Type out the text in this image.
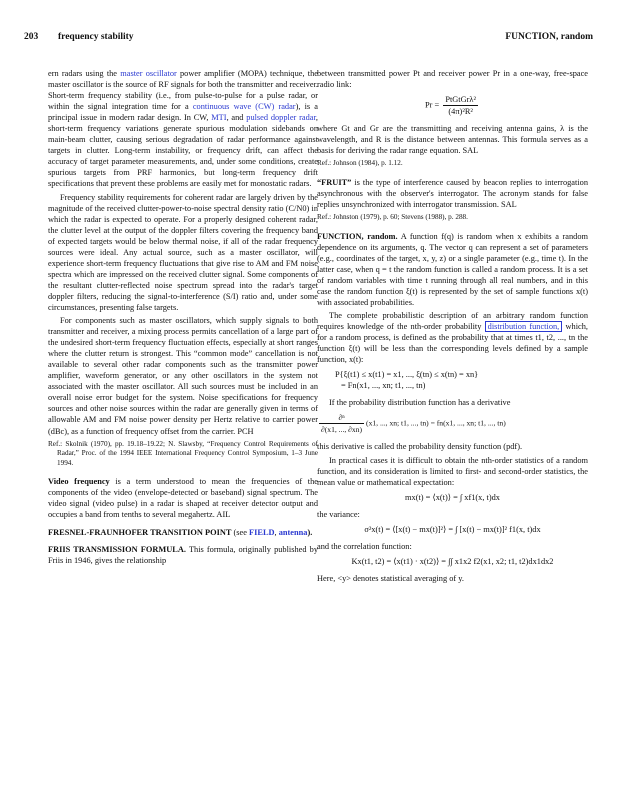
203 frequency stability	FUNCTION, random

ern radars using the master oscillator power amplifier (MOPA) technique, the master oscillator is the source of RF signals for both the transmitter and receiver. Short-term frequency stability (i.e., from pulse-to-pulse for a pulse radar, or within the signal integration time for a continuous wave (CW) radar), is a principal issue in modern radar design. In CW, MTI, and pulsed doppler radar, short-term frequency variations generate spurious modulation sidebands on main-beam clutter, causing serious degradation of radar performance against targets in clutter. Long-term instability, or frequency drift, can affect the accuracy of target parameter measurements, and, under some conditions, create spurious targets from PRF harmonics, but long-term frequency drift specifications that prevent these problems are easily met for monostatic radars.

Frequency stability requirements for coherent radar are largely driven by the magnitude of the received clutter-power-to-noise spectral density ratio (C/N0) in which the radar is expected to operate. For a properly designed coherent radar, the clutter level at the output of the doppler filters covering the frequency band of expected targets would be below thermal noise, if all of the radar frequency sources were ideal. Any actual source, such as a master oscillator, will experience short-term frequency fluctuations that give rise to AM and FM noise spectra which are impressed on the received clutter signal. Some components of the resultant clutter-reflected noise spectrum spread into the radar's target doppler filters, reducing the signal-to-interference (S/I) ratio and, under some circumstances, presenting false targets.

For components such as master oscillators, which supply signals to both transmitter and receiver, a mixing process permits cancellation of a large part of the undesired short-term frequency fluctuation effects, especially at short ranges where the clutter return is strongest. This “common mode” cancellation is not available to several other radar components such as the transmitter power amplifier, waveform generator, or any other oscillators in the system not associated with the master oscillator. All such sources must be included in an overall noise error budget for the system. Noise specifications for frequency sources and other noise sources within the radar are generally given in terms of allowable AM and FM noise power density per Hertz relative to carrier power (dBc), as a function of frequency offset from the carrier. PCH

Ref.: Skolnik (1970), pp. 19.18–19.22; N. Slawsby, “Frequency Control Requirements of Radar,” Proc. of the 1994 IEEE International Frequency Control Symposium, 1–3 June 1994.

Video frequency is a term understood to mean the frequencies of the components of the video (envelope-detected or baseband) signal spectrum. The video signal (video pulse) in a radar is shaped at receiver detector output and occupies a band from tenths to several megahertz. AIL

FRESNEL-FRAUNHOFER TRANSITION POINT (see FIELD, antenna).

FRIIS TRANSMISSION FORMULA. This formula, originally published by Friis in 1946, gives the relationship

between transmitted power Pt and receiver power Pr in a one-way, free-space radio link:

$Pr = \frac{\text{PtGtGrλ²}}{\text{(4π)²R²}}$

where Gt and Gr are the transmitting and receiving antenna gains, λ is the wavelength, and R is the distance between antennas. This formula serves as a basis for deriving the radar range equation. SAL

Ref.: Johnson (1984), p. 1.12.

“FRUIT” is the type of interference caused by beacon replies to interrogation asynchronous with the observer's interrogator. The acronym stands for false replies unsynchronized with interrogator transmission. SAL

Ref.: Johnston (1979), p. 60; Stevens (1988), p. 288.

FUNCTION, random. A function f(q) is random when x exhibits a random dependence on its arguments, q. The vector q can represent a set of parameters (e.g., coordinates of the target, x, y, z) or a single parameter (e.g., time t). In the latter case, when q = t the random function is called a random process. It is a set of random variables with time t running through all real numbers, and in this case the random function ξ(t) is represented by the set of sample functions x(t) with associated probabilities.

The complete probabilistic description of an arbitrary random function requires knowledge of the nth-order probability distribution function, which, for a random process, is defined as the probability that at times t1, t2, ..., tn the function ξ(t) will be less than the corresponding levels defined by a sample function, x(t):

P{ξ(t1) ≤ x(t1) = x1, ..., ξ(tn) ≤ x(tn) = xn}
= Fn(x1, ..., xn; t1, ..., tn)

If the probability distribution function has a derivative

$\frac{\text{∂ⁿ}}{\partial(x1, ..., \partial xn)} (x1$, ..., xn; t1, ..., tn) = fn(x1, ..., xn; t1, ..., tn)

this derivative is called the probability density function (pdf).

In practical cases it is difficult to obtain the nth-order statistics of a random function, and its consideration is limited to first- and second-order statistics, the mean value or mathematical expectation:

mx(t) = ⟨x(t)⟩ = ∫ xf1(x, t)dx

the variance:

σ²x(t) = ⟨[x(t) − mx(t)]²⟩ = ∫ [x(t) − mx(t)]² f1(x, t)dx

and the correlation function:

Kx(t1, t2) = ⟨x(t1) · x(t2)⟩ = ∫∫ x1x2 f2(x1, x2; t1, t2)dx1dx2

Here, <y> denotes statistical averaging of y.
